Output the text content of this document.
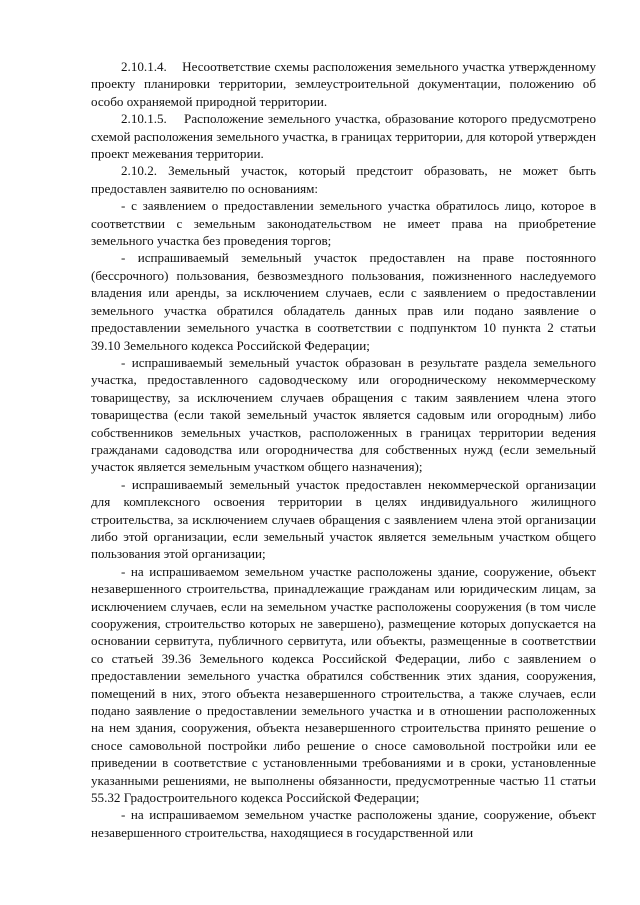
2.10.1.4.    Несоответствие схемы расположения земельного участка утвержденному проекту планировки территории, землеустроительной документации, положению об особо охраняемой природной территории.

2.10.1.5.    Расположение земельного участка, образование которого предусмотрено схемой расположения земельного участка, в границах территории, для которой утвержден проект межевания территории.

2.10.2. Земельный участок, который предстоит образовать, не может быть предоставлен заявителю по основаниям:

- с заявлением о предоставлении земельного участка обратилось лицо, которое в соответствии с земельным законодательством не имеет права на приобретение земельного участка без проведения торгов;

- испрашиваемый земельный участок предоставлен на праве постоянного (бессрочного) пользования, безвозмездного пользования, пожизненного наследуемого владения или аренды, за исключением случаев, если с заявлением о предоставлении земельного участка обратился обладатель данных прав или подано заявление о предоставлении земельного участка в соответствии с подпунктом 10 пункта 2 статьи 39.10 Земельного кодекса Российской Федерации;

- испрашиваемый земельный участок образован в результате раздела земельного участка, предоставленного садоводческому или огородническому некоммерческому товариществу, за исключением случаев обращения с таким заявлением члена этого товарищества (если такой земельный участок является садовым или огородным) либо собственников земельных участков, расположенных в границах территории ведения гражданами садоводства или огородничества для собственных нужд (если земельный участок является земельным участком общего назначения);

- испрашиваемый земельный участок предоставлен некоммерческой организации для комплексного освоения территории в целях индивидуального жилищного строительства, за исключением случаев обращения с заявлением члена этой организации либо этой организации, если земельный участок является земельным участком общего пользования этой организации;

- на испрашиваемом земельном участке расположены здание, сооружение, объект незавершенного строительства, принадлежащие гражданам или юридическим лицам, за исключением случаев, если на земельном участке расположены сооружения (в том числе сооружения, строительство которых не завершено), размещение которых допускается на основании сервитута, публичного сервитута, или объекты, размещенные в соответствии со статьей 39.36 Земельного кодекса Российской Федерации, либо с заявлением о предоставлении земельного участка обратился собственник этих здания, сооружения, помещений в них, этого объекта незавершенного строительства, а также случаев, если подано заявление о предоставлении земельного участка и в отношении расположенных на нем здания, сооружения, объекта незавершенного строительства принято решение о сносе самовольной постройки либо решение о сносе самовольной постройки или ее приведении в соответствие с установленными требованиями и в сроки, установленные указанными решениями, не выполнены обязанности, предусмотренные частью 11 статьи 55.32 Градостроительного кодекса Российской Федерации;

- на испрашиваемом земельном участке расположены здание, сооружение, объект незавершенного строительства, находящиеся в государственной или
